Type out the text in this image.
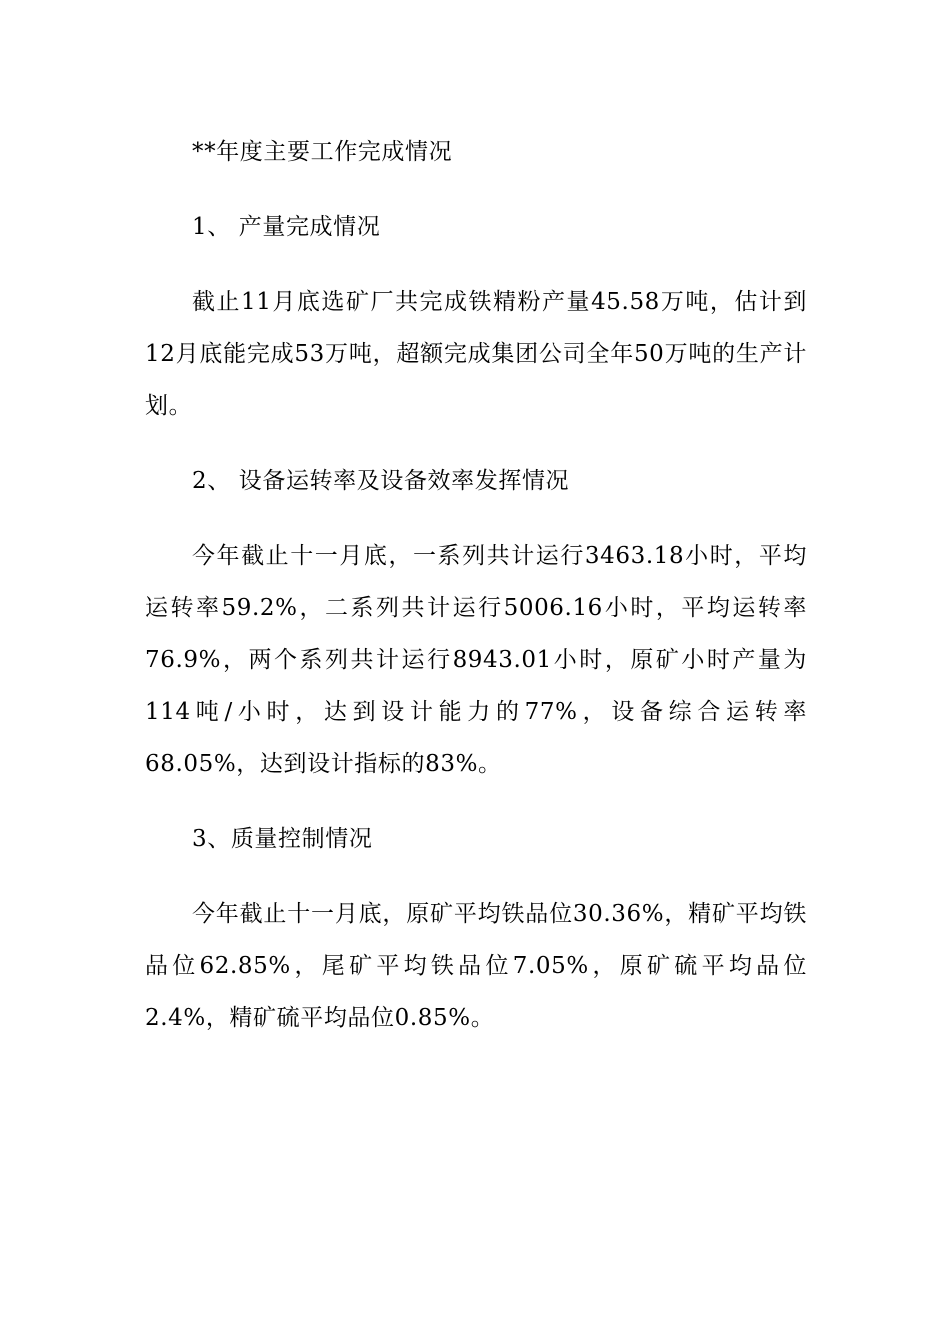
**年度主要工作完成情况

1、 产量完成情况

截止11月底选矿厂共完成铁精粉产量45.58万吨，估计到12月底能完成53万吨，超额完成集团公司全年50万吨的生产计划。

2、 设备运转率及设备效率发挥情况

今年截止十一月底，一系列共计运行3463.18小时，平均运转率59.2%，二系列共计运行5006.16小时，平均运转率76.9%，两个系列共计运行8943.01小时，原矿小时产量为114吨/小时，达到设计能力的77%，设备综合运转率68.05%，达到设计指标的83%。

3、质量控制情况

今年截止十一月底，原矿平均铁品位30.36%，精矿平均铁品位62.85%，尾矿平均铁品位7.05%，原矿硫平均品位2.4%，精矿硫平均品位0.85%。
